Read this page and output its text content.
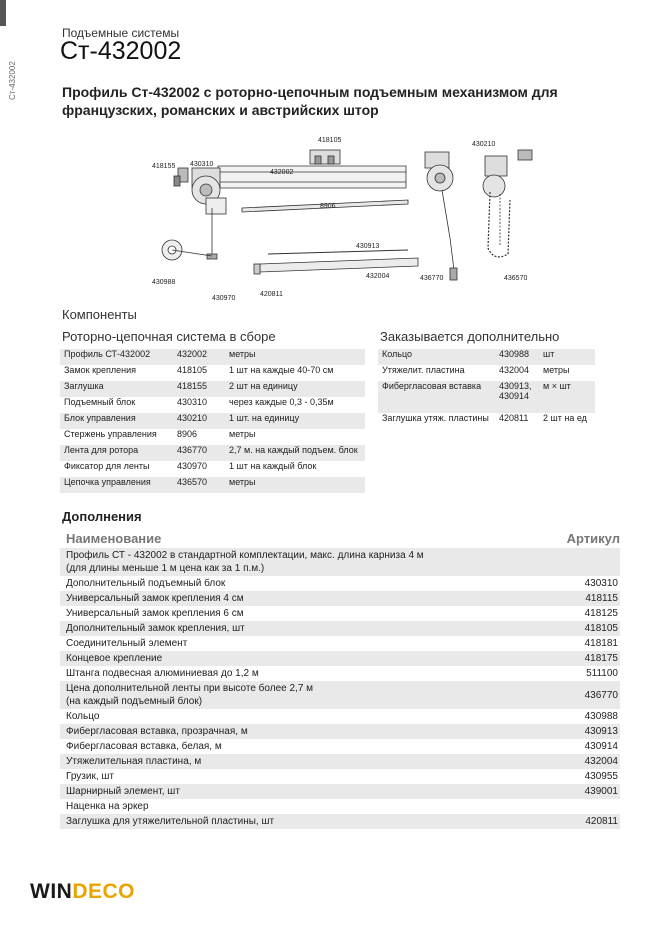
Ст-432002
Подъемные системы
Ст-432002
Профиль Ст-432002 с роторно-цепочным подъемным механизмом для французских, романских и австрийских штор
418105
418155 430310
432002
8906
430913
432004
430988
430970
420811
430210
436770	436570
Компоненты
Роторно-цепочная система в сборе	Заказывается дополнительно
Профиль СТ-432002	432002	метры
Замок крепления	418105	1 шт на каждые 40-70 см
Заглушка	418155	2 шт на единицу
Подъемный блок	430310	через каждые 0,3 - 0,35м
Блок управления	430210	1 шт. на единицу
Стержень управления	8906	метры
Лента для ротора	436770	2,7 м. на каждый подъем. блок
Фиксатор для ленты	430970	1 шт на каждый блок
Цепочка управления	436570	метры
Кольцо	430988	шт
Утяжелит. пластина	432004	метры
Фибергласовая вставка	430913,
430914	м × шт
Заглушка утяж. пластины	420811	2 шт на ед
Дополнения
Наименование	Артикул
Профиль СТ - 432002 в стандартной комплектации, макс. длина карниза 4 м
(для длины меньше 1 м цена как за 1 п.м.)	
Дополнительный подъемный блок	430310
Универсальный замок крепления 4 см	418115
Универсальный замок крепления 6 см	418125
Дополнительный замок крепления, шт	418105
Соединительный элемент	418181
Концевое крепление	418175
Штанга подвесная алюминиевая до 1,2 м	511100
Цена дополнительной ленты при высоте более 2,7 м
(на каждый подъемный блок)	436770
Кольцо	430988
Фибергласовая вставка, прозрачная, м	430913
Фибергласовая вставка, белая, м	430914
Утяжелительная пластина, м	432004
Грузик, шт	430955
Шарнирный элемент, шт	439001
Наценка на эркер	
Заглушка для утяжелительной пластины, шт	420811
WINDECO
